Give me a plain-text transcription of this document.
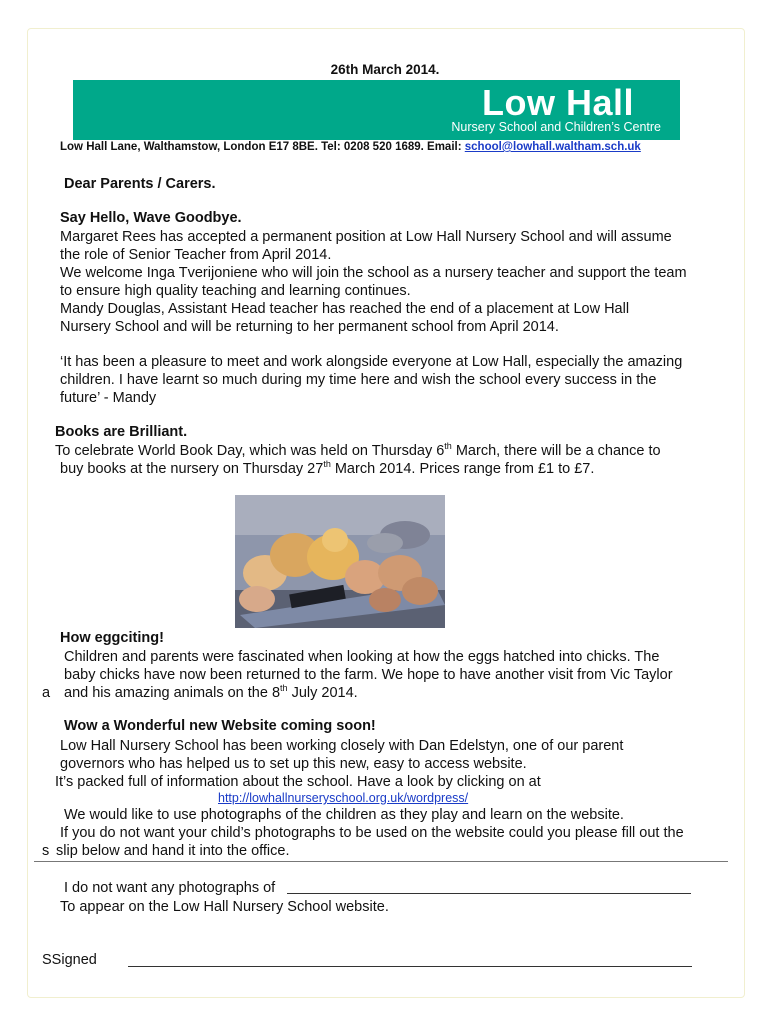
26th March 2014.
Low Hall
Nursery School and Children’s Centre
Low Hall Lane, Walthamstow, London E17 8BE. Tel: 0208 520 1689. Email: school@lowhall.waltham.sch.uk
Dear Parents / Carers.
Say Hello, Wave Goodbye.
Margaret Rees has accepted a permanent position at Low Hall Nursery School and will assume
the role of Senior Teacher from April 2014.
We welcome Inga Tverijoniene who will join the school as a nursery teacher and support the team
to ensure high quality teaching and learning continues.
Mandy Douglas, Assistant Head teacher has reached the end of a placement at Low Hall
Nursery School and will be returning to her permanent school from April 2014.
‘It has been a pleasure to meet and work alongside everyone at Low Hall, especially the amazing
children. I have learnt so much during my time here and wish the school every success in the
future’ - Mandy
Books are Brilliant.
To celebrate World Book Day, which was held on Thursday 6th March, there will be a chance to
buy books at the nursery on Thursday 27th March 2014. Prices range from £1 to £7.
How eggciting!
Children and parents were fascinated when looking at how the eggs hatched into chicks. The
baby chicks have now been returned to the farm. We hope to have another visit from Vic Taylor
a and his amazing animals on the 8th July 2014.
Wow a Wonderful new Website coming soon!
Low Hall Nursery School has been working closely with Dan Edelstyn, one of our parent
governors who has helped us to set up this new, easy to access website.
It’s packed full of information about the school. Have a look by clicking on at
http://lowhallnurseryschool.org.uk/wordpress/
We would like to use photographs of the children as they play and learn on the website.
If you do not want your child’s photographs to be used on the website could you please fill out the
s slip below and hand it into the office.
I do not want any photographs of
To appear on the Low Hall Nursery School website.
SSigned
